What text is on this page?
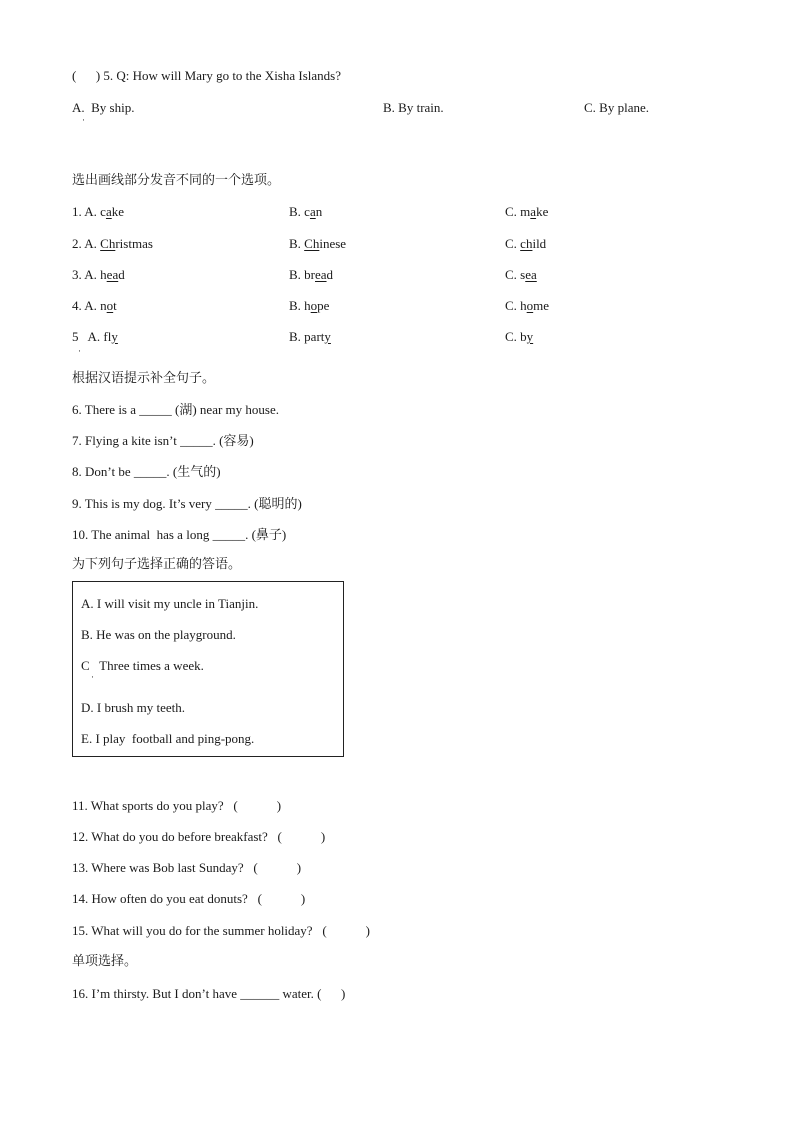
(      ) 5. Q: How will Mary go to the Xisha Islands?
A.  By ship.
·
B. By train.	C. By plane.
选出画线部分发音不同的一个选项。
1. A. cake	B. can	C. make
2. A. Christmas	B. Chinese	C. child
3. A. head	B. bread	C. sea
4. A. not	B. hope	C. home
5   A. fly	B. party	C. by
·
根据汉语提示补全句子。
6. There is a _____ (湖) near my house.
7. Flying a kite isn’t _____. (容易)
8. Don’t be _____. (生气的)
9. This is my dog. It’s very _____. (聪明的)
10. The animal  has a long _____. (鼻子)
为下列句子选择正确的答语。
A. I will visit my uncle in Tianjin.
B. He was on the playground.
C   Three times a week.
·
D. I brush my teeth.
E. I play  football and ping-pong.
11. What sports do you play?   (            )
12. What do you do before breakfast?   (            )
13. Where was Bob last Sunday?   (            )
14. How often do you eat donuts?   (            )
15. What will you do for the summer holiday?   (            )
单项选择。
16. I’m thirsty. But I don’t have ______ water. (      )
